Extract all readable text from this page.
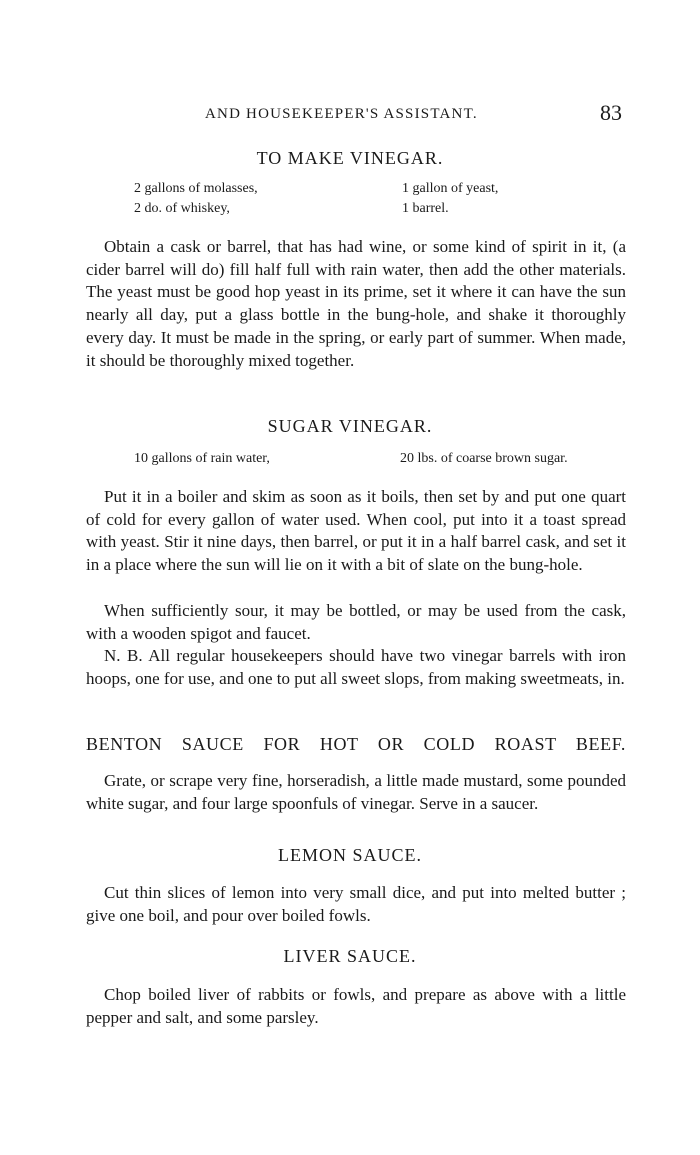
AND HOUSEKEEPER'S ASSISTANT.	83
TO MAKE VINEGAR.
2 gallons of molasses,	1 gallon of yeast,
2 do. of whiskey,	1 barrel.

Obtain a cask or barrel, that has had wine, or some kind of spirit in it, (a cider barrel will do) fill half full with rain water, then add the other materials. The yeast must be good hop yeast in its prime, set it where it can have the sun nearly all day, put a glass bottle in the bung-hole, and shake it thoroughly every day. It must be made in the spring, or early part of summer. When made, it should be thoroughly mixed together.

SUGAR VINEGAR.
10 gallons of rain water,	20 lbs. of coarse brown sugar.

Put it in a boiler and skim as soon as it boils, then set by and put one quart of cold for every gallon of water used. When cool, put into it a toast spread with yeast. Stir it nine days, then barrel, or put it in a half barrel cask, and set it in a place where the sun will lie on it with a bit of slate on the bung-hole.

When sufficiently sour, it may be bottled, or may be used from the cask, with a wooden spigot and faucet.

N. B. All regular housekeepers should have two vinegar barrels with iron hoops, one for use, and one to put all sweet slops, from making sweetmeats, in.

BENTON SAUCE FOR HOT OR COLD ROAST BEEF.

Grate, or scrape very fine, horseradish, a little made mustard, some pounded white sugar, and four large spoonfuls of vinegar. Serve in a saucer.

LEMON SAUCE.

Cut thin slices of lemon into very small dice, and put into melted butter ; give one boil, and pour over boiled fowls.

LIVER SAUCE.

Chop boiled liver of rabbits or fowls, and prepare as above with a little pepper and salt, and some parsley.
